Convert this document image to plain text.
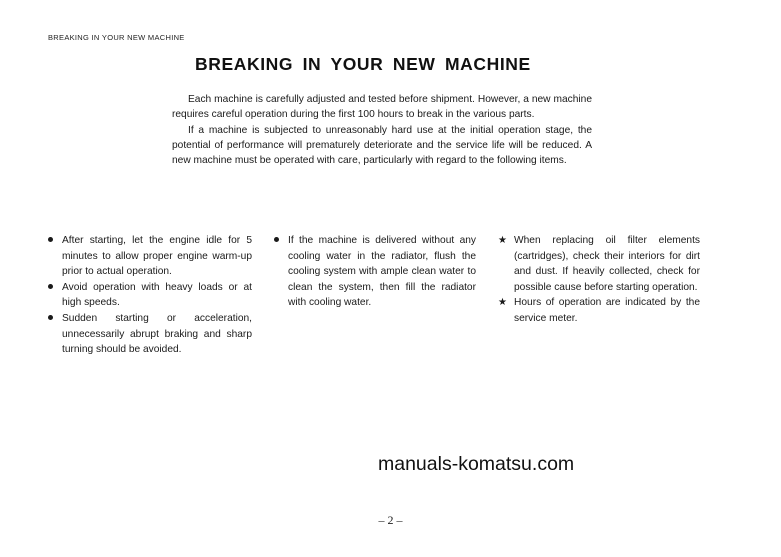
BREAKING IN YOUR NEW MACHINE
BREAKING IN YOUR NEW MACHINE

Each machine is carefully adjusted and tested before shipment. However, a new machine requires careful operation during the first 100 hours to break in the various parts.

If a machine is subjected to unreasonably hard use at the initial operation stage, the potential of performance will prematurely deteriorate and the service life will be reduced. A new machine must be operated with care, particularly with regard to the following items.

After starting, let the engine idle for 5 minutes to allow proper engine warm-up prior to actual operation.
Avoid operation with heavy loads or at high speeds.
Sudden starting or acceleration, unnecessarily abrupt braking and sharp turning should be avoided.
If the machine is delivered without any cooling water in the radiator, flush the cooling system with ample clean water to clean the system, then fill the radiator with cooling water.
★ When replacing oil filter elements (cartridges), check their interiors for dirt and dust. If heavily collected, check for possible cause before starting operation.
★ Hours of operation are indicated by the service meter.
manuals-komatsu.com
– 2 –
